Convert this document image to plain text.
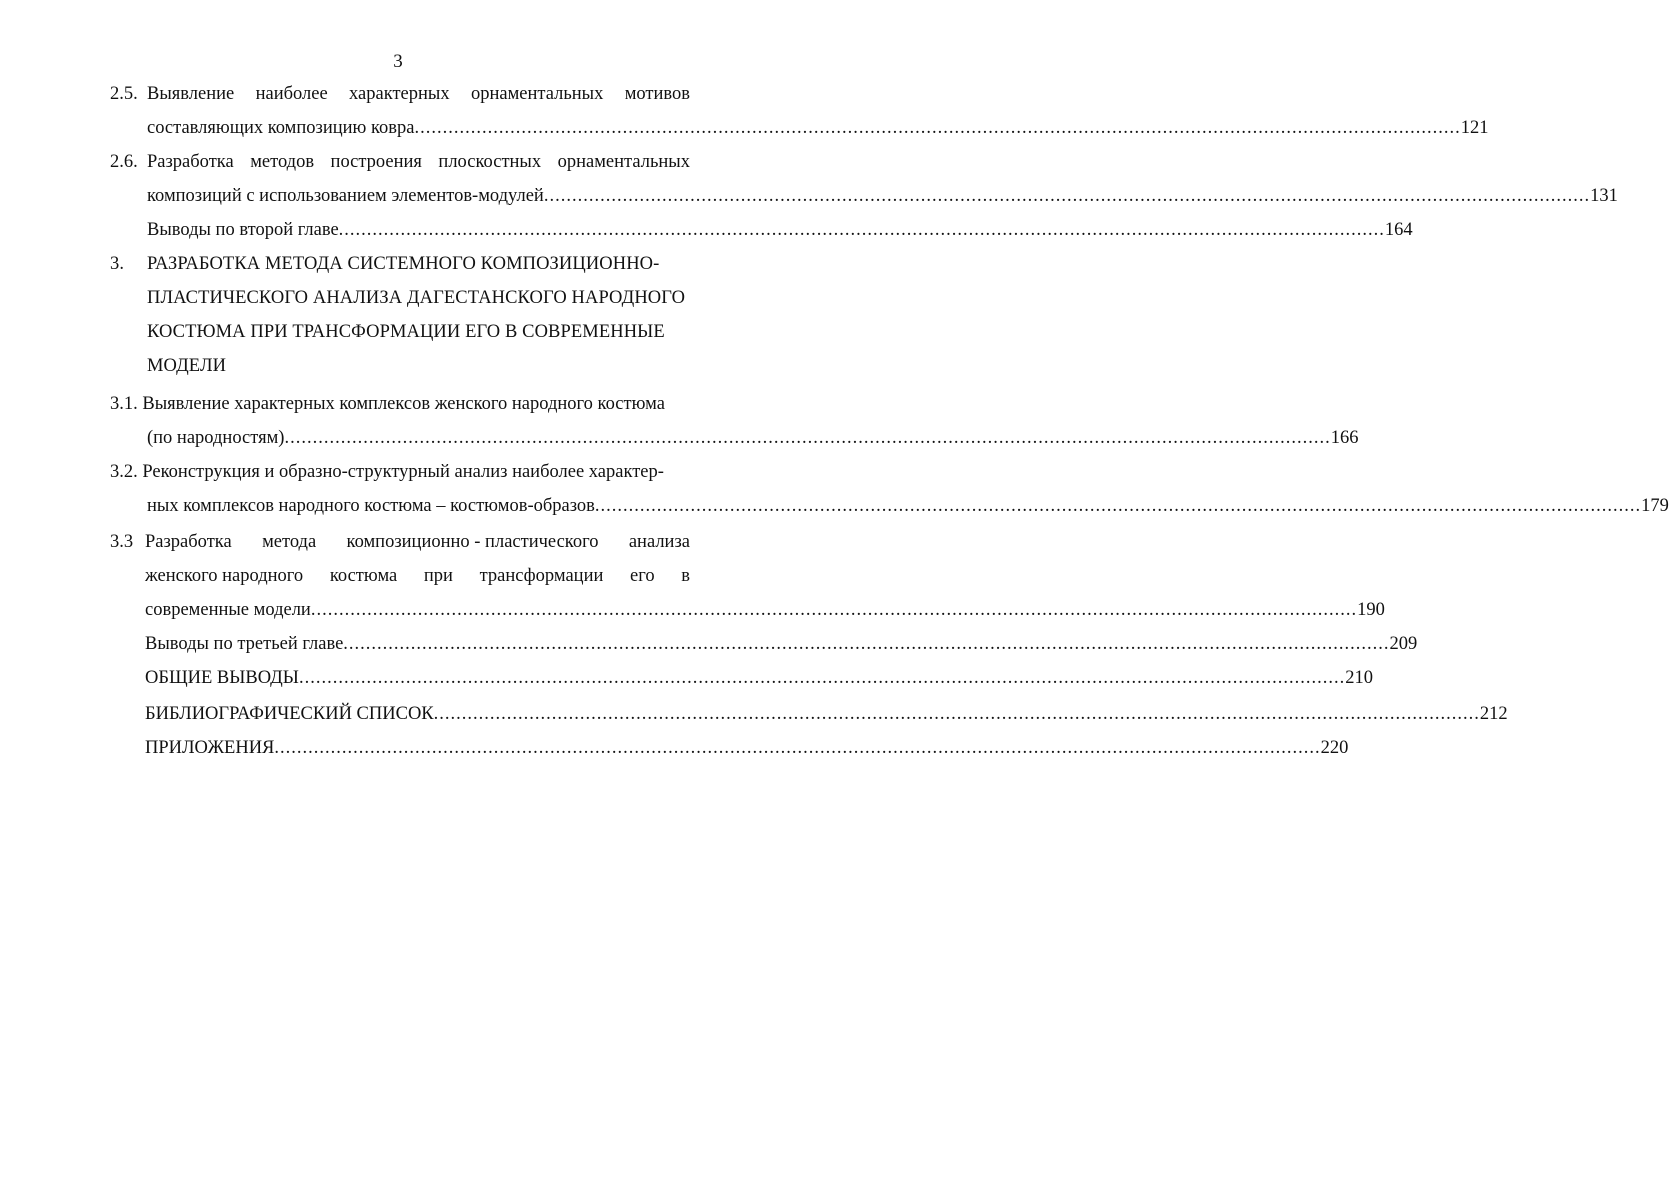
3
2.5. Выявление наиболее характерных орнаментальных мотивов
составляющих композицию ковра .......................................................................................................................................................................................... 121
2.6. Разработка методов построения плоскостных орнаментальных
композиций с использованием элементов-модулей .......................................................................................................................................................................................... 131
Выводы по второй главе .......................................................................................................................................................................................... 164
3. РАЗРАБОТКА МЕТОДА СИСТЕМНОГО КОМПОЗИЦИОННО-
ПЛАСТИЧЕСКОГО АНАЛИЗА ДАГЕСТАНСКОГО НАРОДНОГО
КОСТЮМА ПРИ ТРАНСФОРМАЦИИ ЕГО В СОВРЕМЕННЫЕ
МОДЕЛИ
3.1. Выявление характерных комплексов женского народного костюма
(по народностям) .......................................................................................................................................................................................... 166
3.2. Реконструкция и образно-структурный анализ наиболее характер-
ных комплексов народного костюма – костюмов-образов .......................................................................................................................................................................................... 179
3.3 Разработка метода композиционно - пластического анализа
женского народного костюма при трансформации его в
современные модели .......................................................................................................................................................................................... 190
Выводы по третьей главе .......................................................................................................................................................................................... 209
ОБЩИЕ ВЫВОДЫ .......................................................................................................................................................................................... 210
БИБЛИОГРАФИЧЕСКИЙ СПИСОК .......................................................................................................................................................................................... 212
ПРИЛОЖЕНИЯ .......................................................................................................................................................................................... 220
